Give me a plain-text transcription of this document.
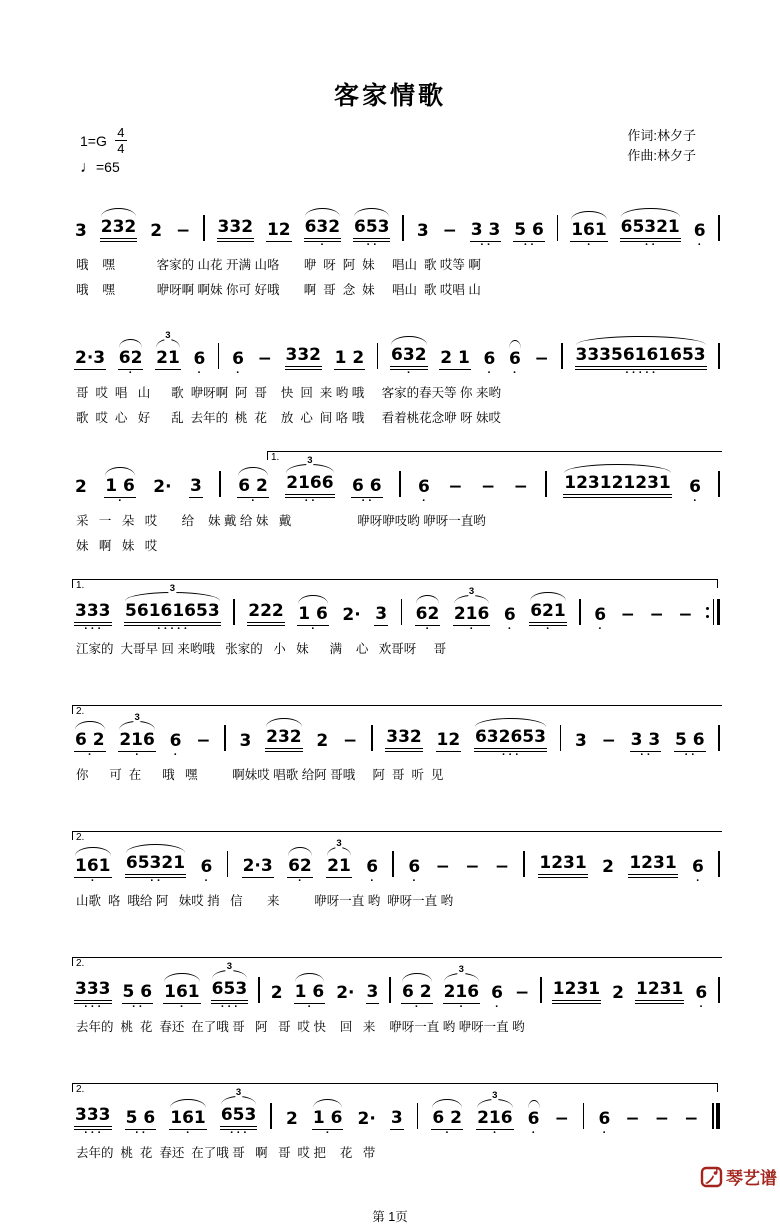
客家情歌
1=G 4
4
♩=65
作词:林夕子
作曲:林夕子
3 232 2 − 332 12 632
·
653
··
3 − 3 3
··
5 6
··
161
·
65321
··
6
·
哦    嘿            客家的 山花 开满 山咯       咿  呀  阿  妹     唱山  歌 哎等 啊
哦    嘿            咿呀啊 啊妹 你可 好哦       啊  哥  念  妹     唱山  歌 哎唱 山
2·3 62
·
3
21 6
·
6
·
− 332 1 2 632
·
2 1 6
·
6
·
− 33356161653
·····
哥  哎  唱   山      歌  咿呀啊  阿  哥    快  回  来 哟 哦     客家的春天等 你 来哟
歌  哎  心   好      乱  去年的  桃  花    放  心  间 咯 哦     看着桃花念咿 呀 妹哎
1.
2 1 6
·
2· 3 6 2
·
3
2166
··
6 6
··
6
·
− − − 123121231 6
·
采   一   朵   哎       给    妹 戴 给 妹   戴                   咿呀咿吱哟 咿呀一直哟
妹   啊   妹   哎
1.
333
···
3
56161653
·····
222 1 6
·
2· 3 62
·
3
216
·
6
·
621
·
6
·
− − −
江家的  大哥早 回 来哟哦   张家的   小   妹      满    心   欢哥呀     哥
2.
6 2
·
3
216
·
6
·
− 3 232 2 − 332 12 632653
···
3 − 3 3
··
5 6
··
你      可  在      哦   嘿          啊妹哎 唱歌 给阿 哥哦     阿  哥  听  见
2.
161
·
65321
··
6
·
2·3 62
·
3
21 6
·
6
·
− − − 1231 2 1231 6
·
山歌  咯  哦给 阿   妹哎 捎   信       来          咿呀一直 哟  咿呀一直 哟
2.
333
···
5 6
··
161
·
3
653
···
2 1 6
·
2· 3 6 2
·
3
216
·
6
·
− 1231 2 1231 6
·
去年的  桃  花  春还  在了哦 哥   阿   哥  哎 快    回   来    咿呀一直 哟 咿呀一直 哟
2.
333
···
5 6
··
161
·
3
653
···
2 1 6
·
2· 3 6 2
·
3
216
·
6
·
− 6
·
− − −
去年的  桃  花  春还  在了哦 哥   啊   哥  哎 把    花   带
第 1页
琴艺谱
